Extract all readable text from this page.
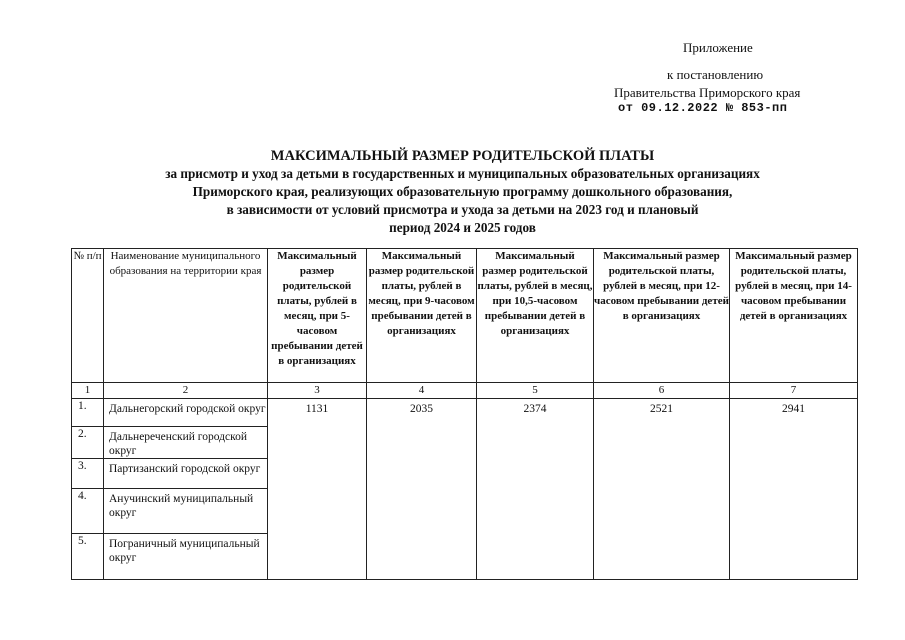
Приложение
к постановлению
Правительства Приморского края
от 09.12.2022 № 853-пп
МАКСИМАЛЬНЫЙ РАЗМЕР РОДИТЕЛЬСКОЙ ПЛАТЫ
за присмотр и уход за детьми в государственных и муниципальных образовательных организациях
Приморского края, реализующих образовательную программу дошкольного образования,
в зависимости от условий присмотра и ухода за детьми на 2023 год и плановый
период 2024 и 2025 годов
№ п/п	Наименование муниципального образования на территории края	Максимальный размер родительской платы, рублей в месяц, при 5-часовом пребывании детей в организациях	Максимальный размер родительской платы, рублей в месяц, при 9-часовом пребывании детей в организациях	Максимальный размер родительской платы, рублей в месяц, при 10,5-часовом пребывании детей в организациях	Максимальный размер родительской платы, рублей в месяц, при 12-часовом пребывании детей в организациях	Максимальный размер родительской платы, рублей в месяц, при 14-часовом пребывании детей в организациях
1	2	3	4	5	6	7
1.	Дальнегорский городской округ	1131	2035	2374	2521	2941
2.	Дальнереченский городской округ					
3.	Партизанский городской округ					
4.	Анучинский муниципальный округ					
5.	Пограничный муниципальный округ					
